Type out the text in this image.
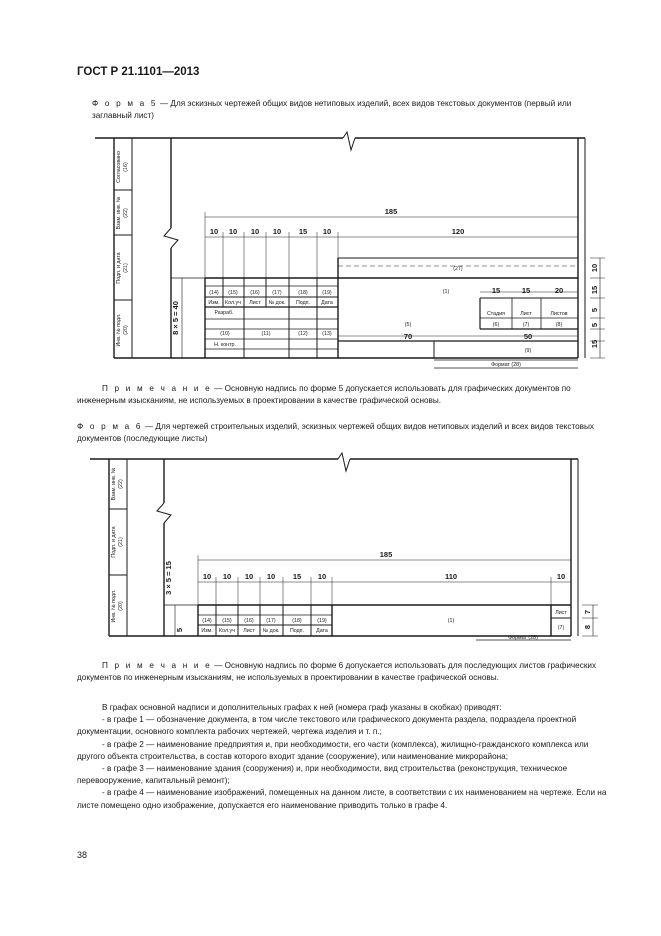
ГОСТ Р 21.1101—2013
Ф о р м а 5 — Для эскизных чертежей общих видов нетиповых изделий, всех видов текстовых документов (первый или заглавный лист)
Согласовано (16)
Взам. инв. № (22)
Подп. и дата (21)
Инв. № подл. (20)
185
120
10 10 10 10 15 10
8 × 5 = 40
15	15	20
70	50
10
15
5
5
15
(14) (15) (16) (17)	(18)	(19)
Изм. Кол.уч Лист № док. Подп. Дата
Разраб.
(10)	(11)	(12)	(13)
Н. контр.
(1)
(27)
(5)
Стадия	Лист	Листов
(6)	(7)	(8)
(9)
Формат (28)
П р и м е ч а н и е — Основную надпись по форме 5 допускается использовать для графических документов по инженерным изысканиям, не используемых в проектировании в качестве графической основы.
Ф о р м а 6 — Для чертежей строительных изделий, эскизных чертежей общих видов нетиповых изделий и всех видов текстовых документов (последующие листы)
Взам. инв. № (22)
Подп. и дата (21)
Инв. № подл. (20)
185
10 10 10 10 15 10	110	10
3 × 5 = 15
7
8
5
(14) (15) (16) (17)	(18)	(19)
Изм. Кол.уч Лист № док. Подп. Дата
(1)
Лист
(7)
Формат (28)
П р и м е ч а н и е — Основную надпись по форме 6 допускается использовать для последующих листов графических документов по инженерным изысканиям, не используемых в проектировании в качестве графической основы.

В графах основной надписи и дополнительных графах к ней (номера граф указаны в скобках) приводят:

- в графе 1 — обозначение документа, в том числе текстового или графического документа раздела, подраздела проектной документации, основного комплекта рабочих чертежей, чертежа изделия и т. п.;

- в графе 2 — наименование предприятия и, при необходимости, его части (комплекса), жилищно-гражданского комплекса или другого объекта строительства, в состав которого входит здание (сооружение), или наименование микрорайона;

- в графе 3 — наименование здания (сооружения) и, при необходимости, вид строительства (реконструкция, техническое перевооружение, капитальный ремонт);

- в графе 4 — наименование изображений, помещенных на данном листе, в соответствии с их наименованием на чертеже. Если на листе помещено одно изображение, допускается его наименование приводить только в графе 4.

38
